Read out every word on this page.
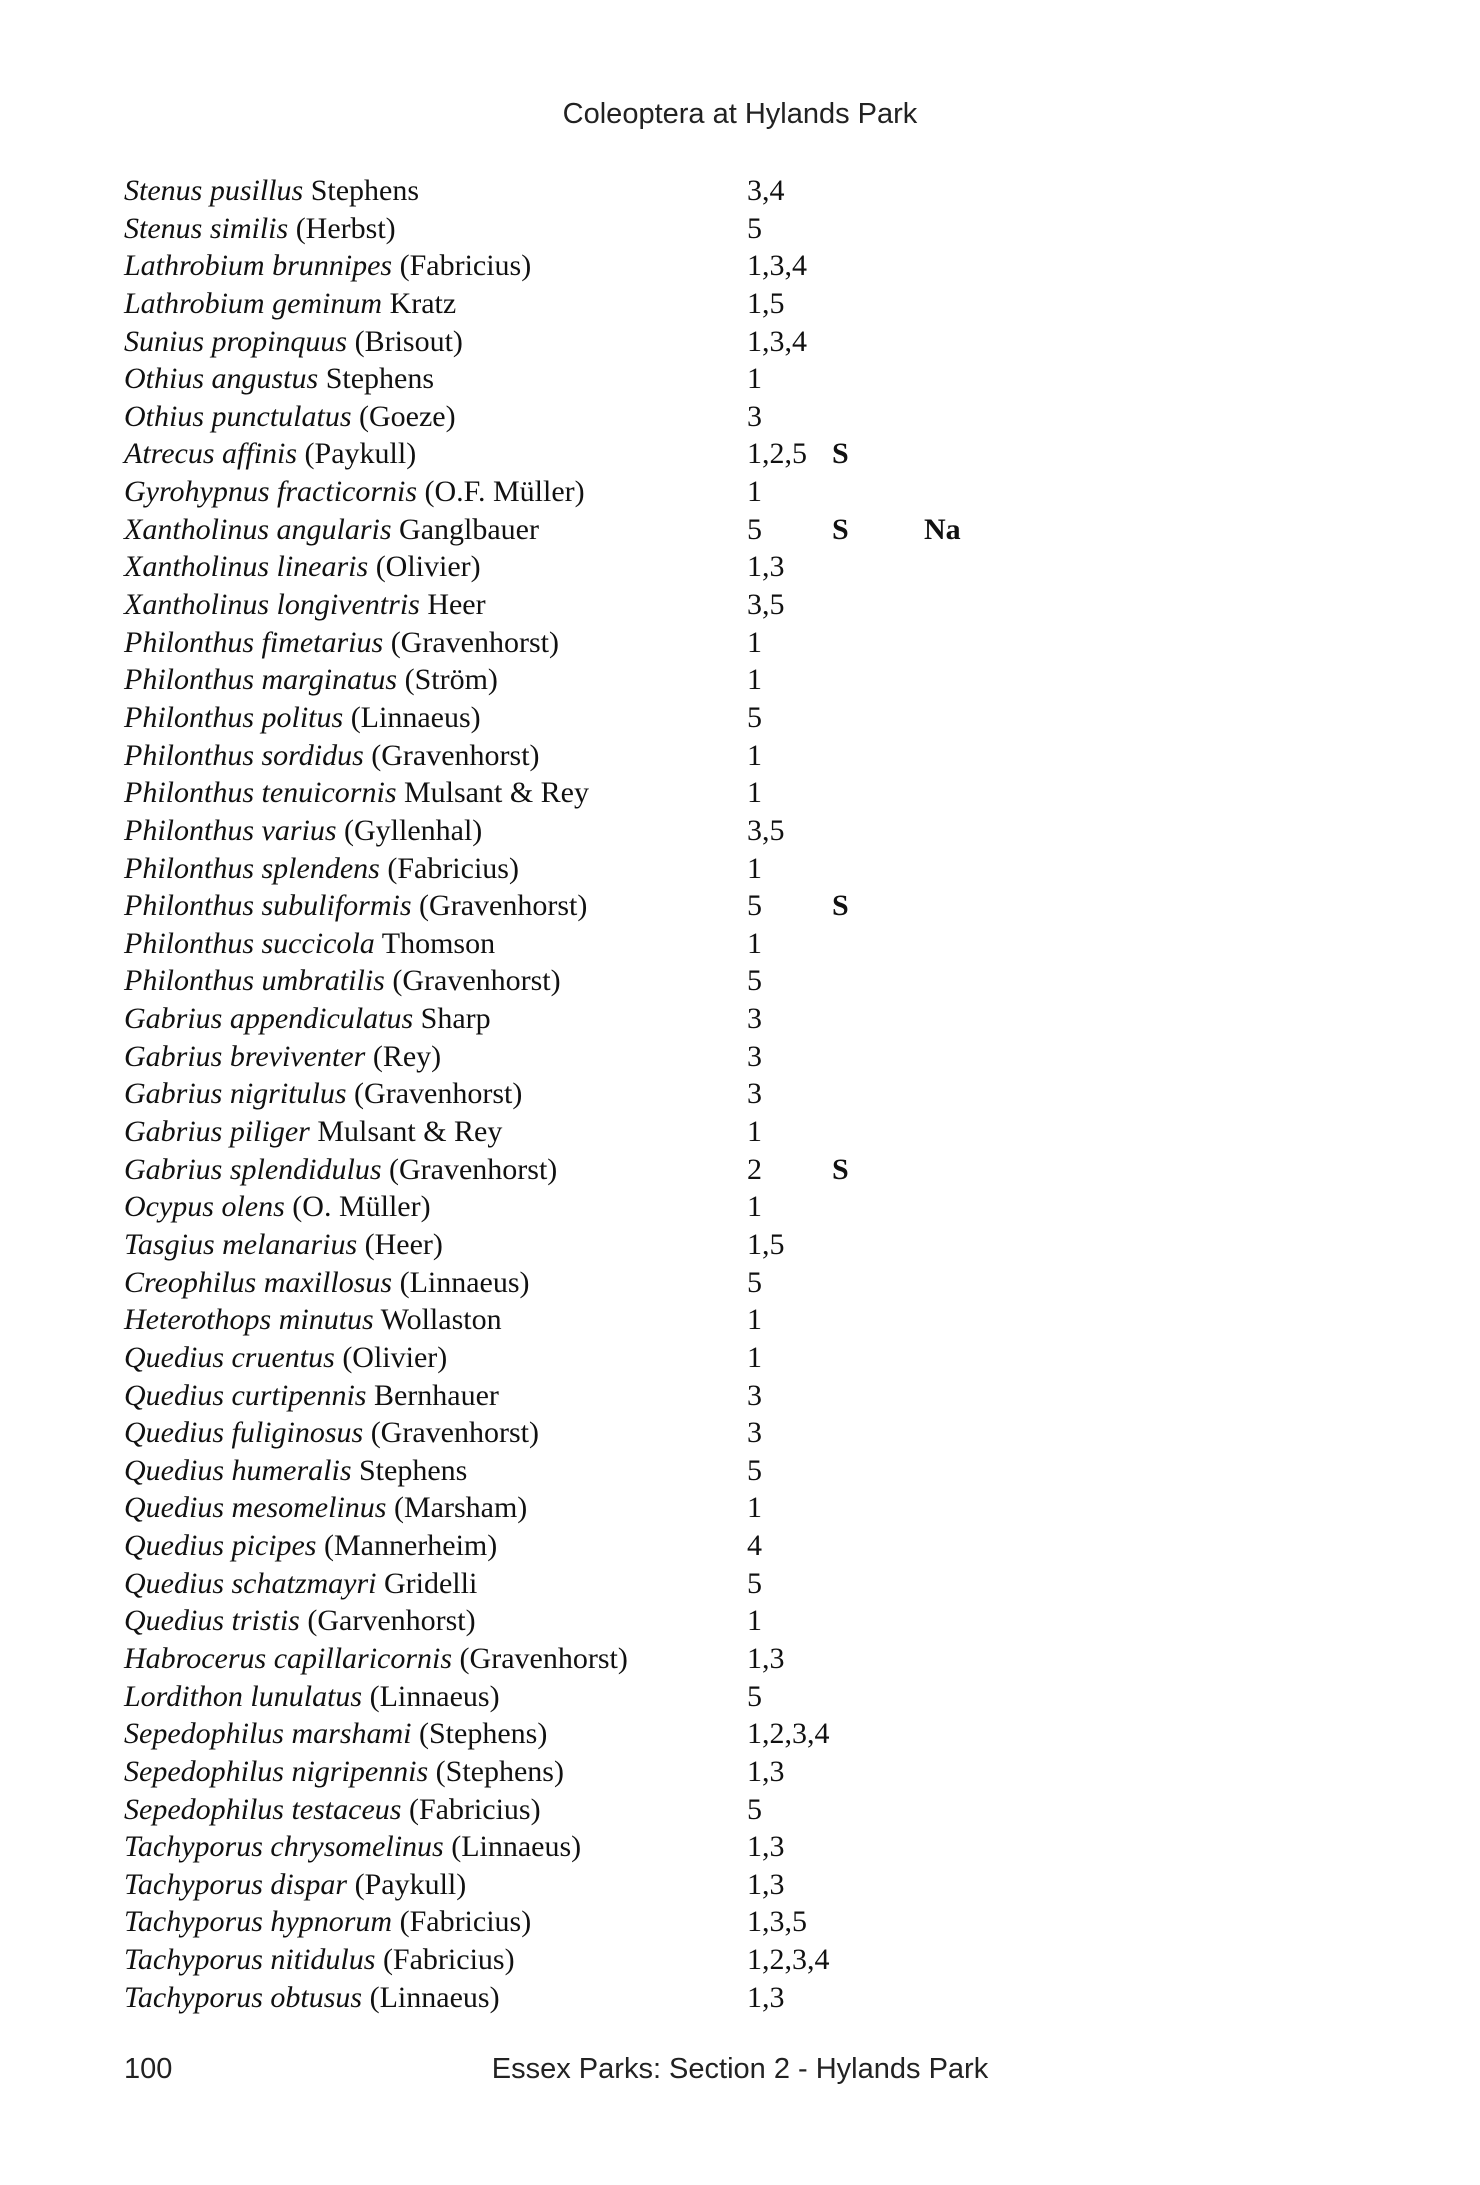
Coleoptera at Hylands Park
Stenus pusillus Stephens	3,4
Stenus similis (Herbst)	5
Lathrobium brunnipes (Fabricius)	1,3,4
Lathrobium geminum Kratz	1,5
Sunius propinquus (Brisout)	1,3,4
Othius angustus Stephens	1
Othius punctulatus (Goeze)	3
Atrecus affinis (Paykull)	1,2,5 S
Gyrohypnus fracticornis (O.F. Müller)	1
Xantholinus angularis Ganglbauer	5 S	Na
Xantholinus linearis (Olivier)	1,3
Xantholinus longiventris Heer	3,5
Philonthus fimetarius (Gravenhorst)	1
Philonthus marginatus (Ström)	1
Philonthus politus (Linnaeus)	5
Philonthus sordidus (Gravenhorst)	1
Philonthus tenuicornis Mulsant & Rey	1
Philonthus varius (Gyllenhal)	3,5
Philonthus splendens (Fabricius)	1
Philonthus subuliformis (Gravenhorst)	5 S
Philonthus succicola Thomson	1
Philonthus umbratilis (Gravenhorst)	5
Gabrius appendiculatus Sharp	3
Gabrius breviventer (Rey)	3
Gabrius nigritulus (Gravenhorst)	3
Gabrius piliger Mulsant & Rey	1
Gabrius splendidulus (Gravenhorst)	2 S
Ocypus olens (O. Müller)	1
Tasgius melanarius (Heer)	1,5
Creophilus maxillosus (Linnaeus)	5
Heterothops minutus Wollaston	1
Quedius cruentus (Olivier)	1
Quedius curtipennis Bernhauer	3
Quedius fuliginosus (Gravenhorst)	3
Quedius humeralis Stephens	5
Quedius mesomelinus (Marsham)	1
Quedius picipes (Mannerheim)	4
Quedius schatzmayri Gridelli	5
Quedius tristis (Garvenhorst)	1
Habrocerus capillaricornis (Gravenhorst)	1,3
Lordithon lunulatus (Linnaeus)	5
Sepedophilus marshami (Stephens)	1,2,3,4
Sepedophilus nigripennis (Stephens)	1,3
Sepedophilus testaceus (Fabricius)	5
Tachyporus chrysomelinus (Linnaeus)	1,3
Tachyporus dispar (Paykull)	1,3
Tachyporus hypnorum (Fabricius)	1,3,5
Tachyporus nitidulus (Fabricius)	1,2,3,4
Tachyporus obtusus (Linnaeus)	1,3
100	Essex Parks: Section 2 - Hylands Park
